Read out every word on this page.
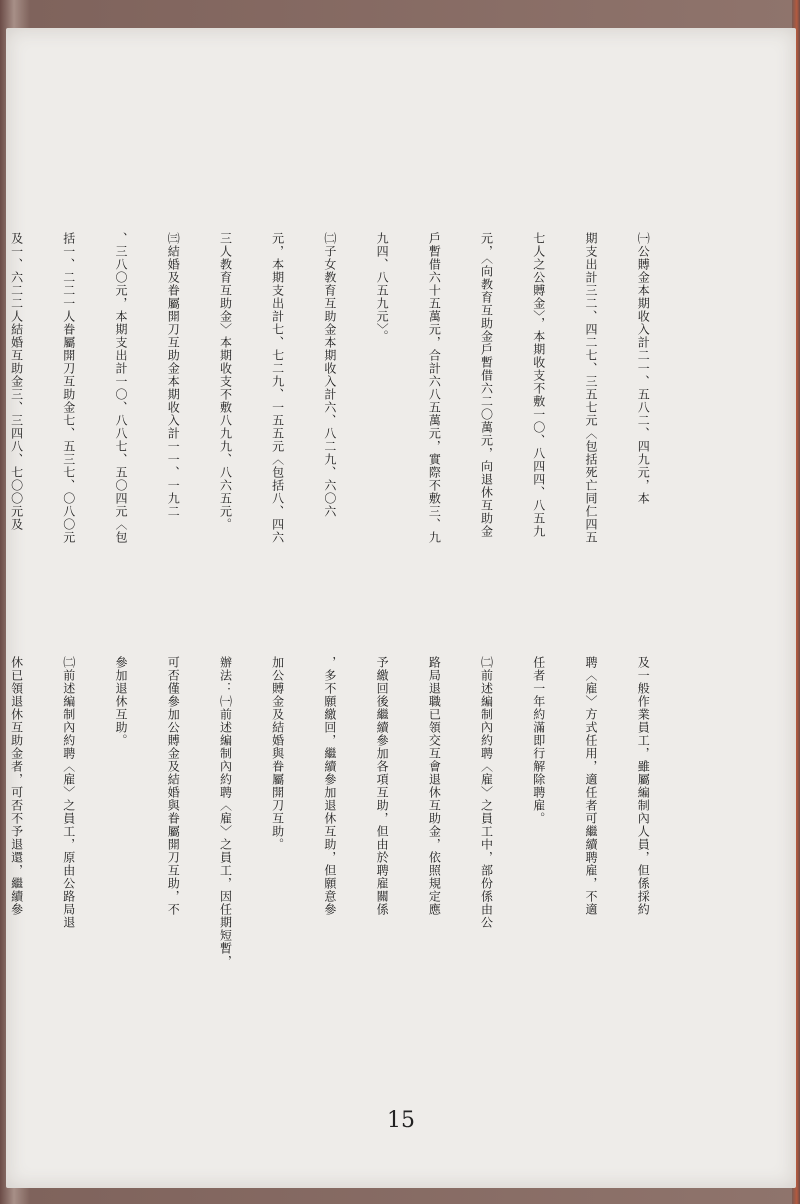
㈠公賻金本期收入計二一、五八二、四九元，本

期支出計三二、四二七、三五七元〈包括死亡同仁四五

七人之公賻金〉，本期收支不敷一〇、八四四、八五九

元，〈向教育互助金戶暫借六二〇萬元，向退休互助金

戶暫借六十五萬元，合計六八五萬元，實際不敷三、九

九四、八五九元〉。

㈡子女教育互助金本期收入計六、八二九、六〇六

元，本期支出計七、七二九、一五五元〈包括八、四六

三人教育互助金〉本期收支不敷八九九、八六五元。

㈢結婚及眷屬開刀互助金本期收入計一一、一九二

、三八〇元，本期支出計一〇、八八七、五〇四元〈包

括一、二二一人眷屬開刀互助金七、五三七、〇八〇元

及一、六二二人結婚互助金三、三四八、七〇〇元及

及一般作業員工，雖屬編制內人員，但係採約

聘〈雇〉方式任用，適任者可繼續聘雇，不適

任者一年約滿即行解除聘雇。

㈡前述編制內約聘〈雇〉之員工中，部份係由公

路局退職已領交互會退休互助金，依照規定應

予繳回後繼續參加各項互助，但由於聘雇關係

，多不願繳回，繼續參加退休互助，但願意參

加公賻金及結婚與眷屬開刀互助。

辦法：㈠前述編制內約聘〈雇〉之員工，因任期短暫，

可否僅參加公賻金及結婚與眷屬開刀互助，不

參加退休互助。

㈡前述編制內約聘〈雇〉之員工，原由公路局退

休已領退休互助金者，可否不予退還，繼續參

15
